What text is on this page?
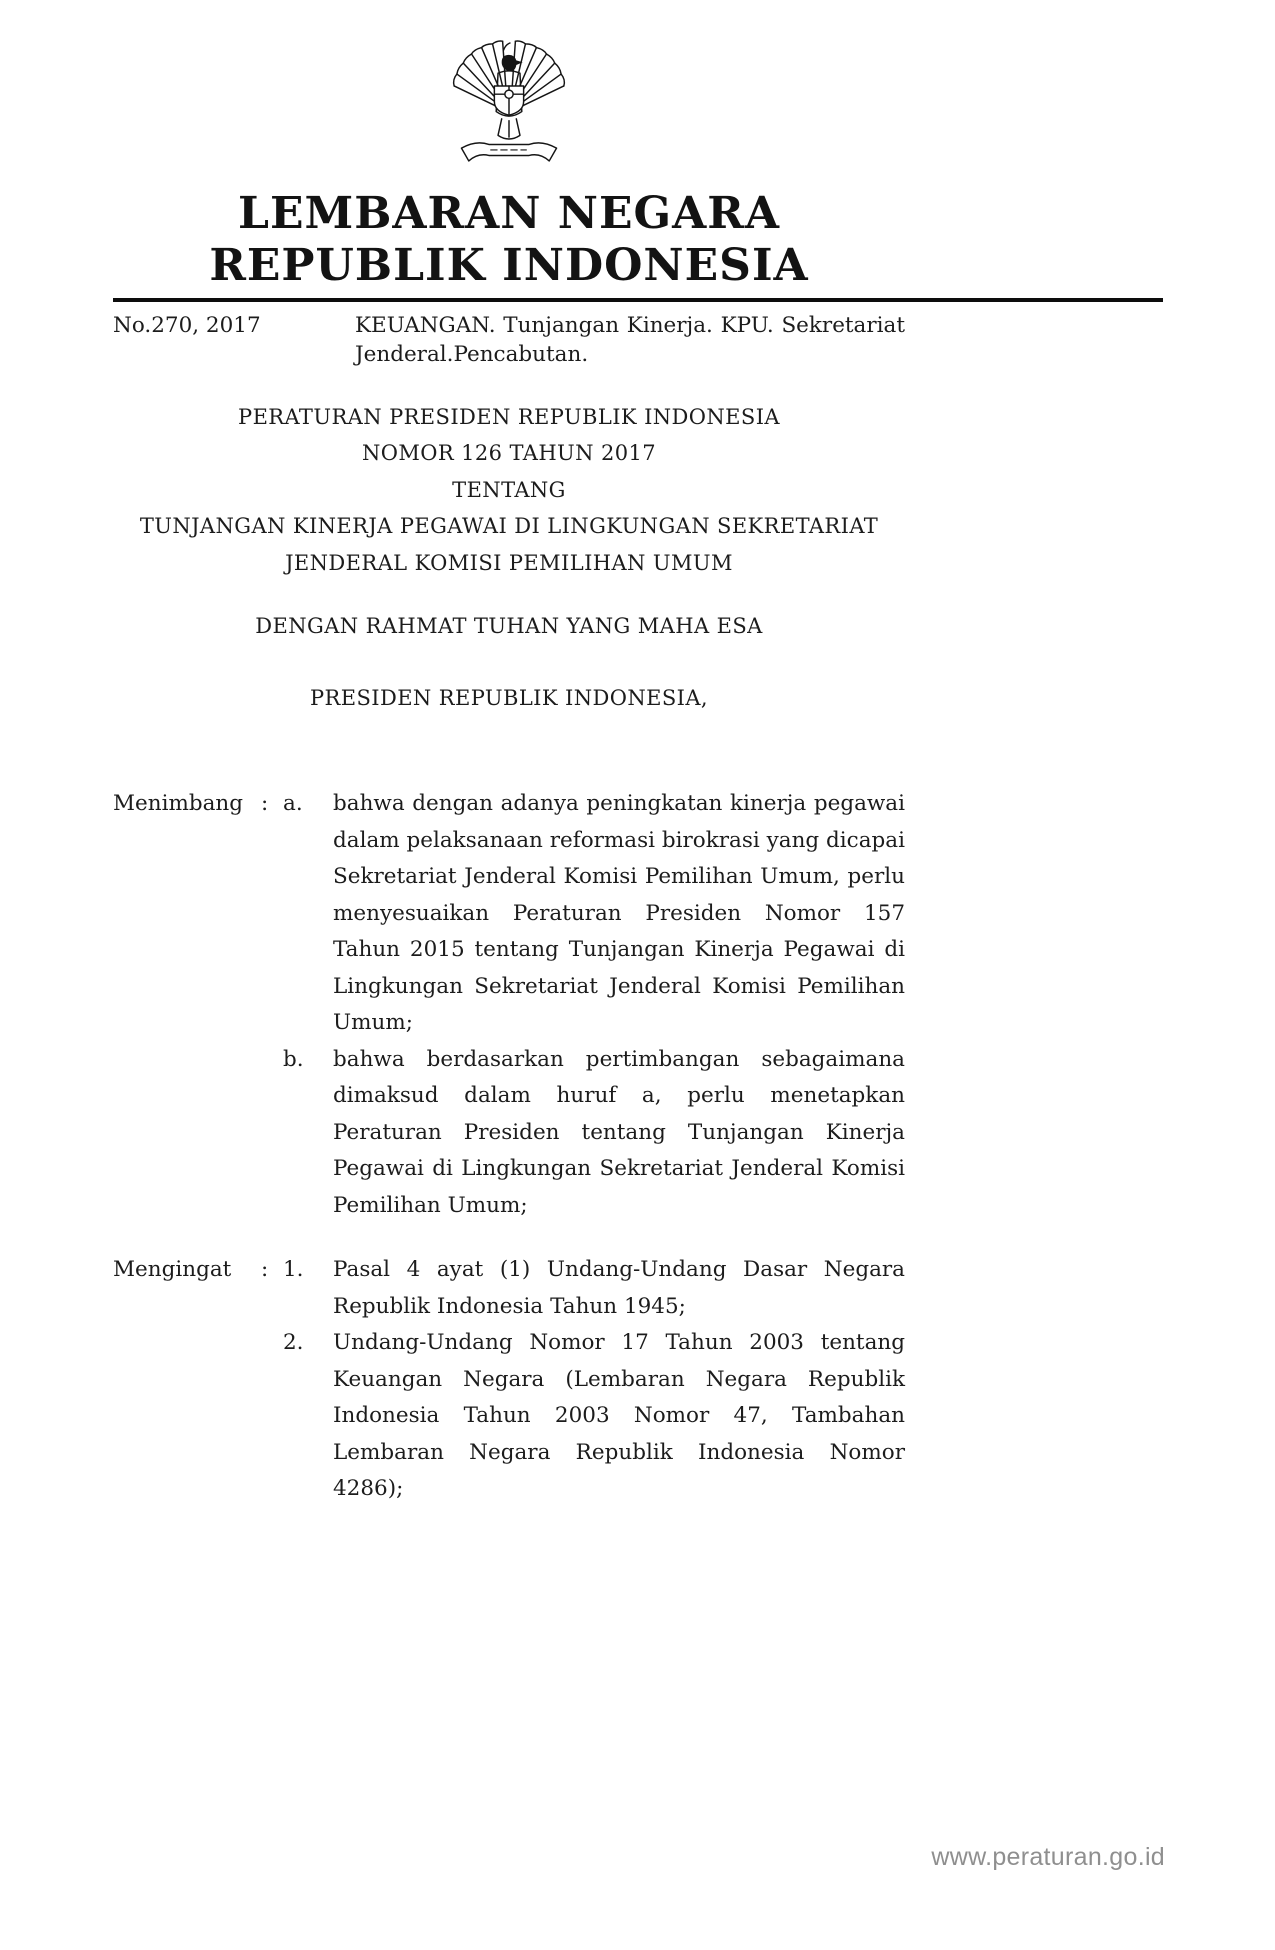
LEMBARAN NEGARA
REPUBLIK INDONESIA
No.270, 2017	KEUANGAN. Tunjangan Kinerja. KPU. Sekretariat Jenderal.Pencabutan.
PERATURAN PRESIDEN REPUBLIK INDONESIA
NOMOR 126 TAHUN 2017
TENTANG
TUNJANGAN KINERJA PEGAWAI DI LINGKUNGAN SEKRETARIAT
JENDERAL KOMISI PEMILIHAN UMUM
DENGAN RAHMAT TUHAN YANG MAHA ESA
PRESIDEN REPUBLIK INDONESIA,
Menimbang : a.	bahwa dengan adanya peningkatan kinerja pegawai dalam pelaksanaan reformasi birokrasi yang dicapai Sekretariat Jenderal Komisi Pemilihan Umum, perlu menyesuaikan Peraturan Presiden Nomor 157 Tahun 2015 tentang Tunjangan Kinerja Pegawai di Lingkungan Sekretariat Jenderal Komisi Pemilihan Umum;
b.	bahwa berdasarkan pertimbangan sebagaimana dimaksud dalam huruf a, perlu menetapkan Peraturan Presiden tentang Tunjangan Kinerja Pegawai di Lingkungan Sekretariat Jenderal Komisi Pemilihan Umum;
Mengingat	: 1.	Pasal 4 ayat (1) Undang-Undang Dasar Negara Republik Indonesia Tahun 1945;
2.	Undang-Undang Nomor 17 Tahun 2003 tentang Keuangan Negara (Lembaran Negara Republik Indonesia Tahun 2003 Nomor 47, Tambahan Lembaran Negara Republik Indonesia Nomor 4286);
www.peraturan.go.id
